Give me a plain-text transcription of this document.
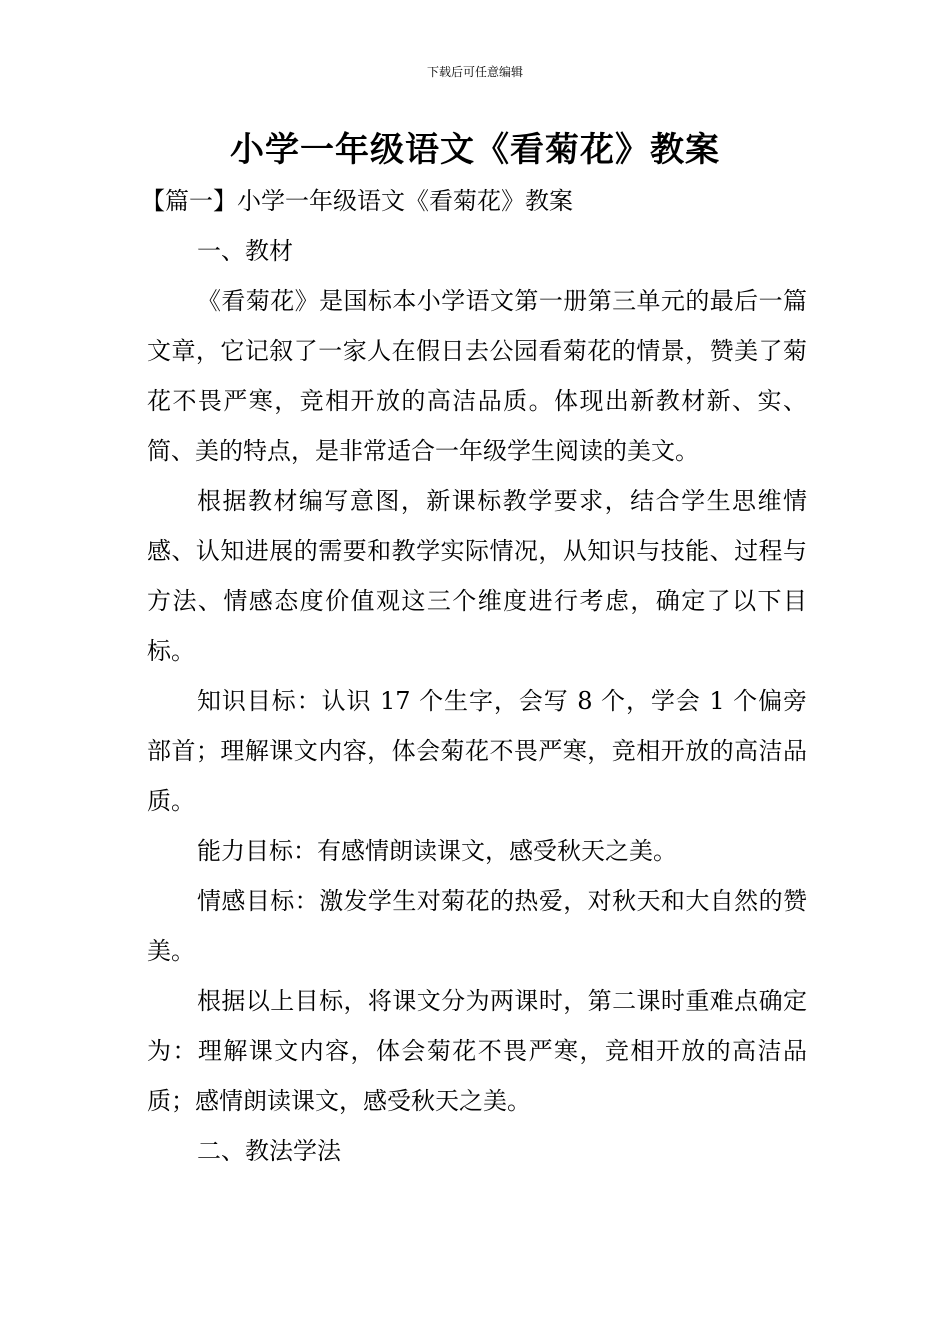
下载后可任意编辑
小学一年级语文《看菊花》教案

【篇一】小学一年级语文《看菊花》教案

一、教材

《看菊花》是国标本小学语文第一册第三单元的最后一篇文章，它记叙了一家人在假日去公园看菊花的情景，赞美了菊花不畏严寒，竞相开放的高洁品质。体现出新教材新、实、简、美的特点，是非常适合一年级学生阅读的美文。

根据教材编写意图，新课标教学要求，结合学生思维情感、认知进展的需要和教学实际情况，从知识与技能、过程与方法、情感态度价值观这三个维度进行考虑，确定了以下目标。

知识目标：认识 17 个生字，会写 8 个，学会 1 个偏旁部首；理解课文内容，体会菊花不畏严寒，竞相开放的高洁品质。

能力目标：有感情朗读课文，感受秋天之美。

情感目标：激发学生对菊花的热爱，对秋天和大自然的赞美。

根据以上目标，将课文分为两课时，第二课时重难点确定为：理解课文内容，体会菊花不畏严寒，竞相开放的高洁品质；感情朗读课文，感受秋天之美。

二、教法学法
